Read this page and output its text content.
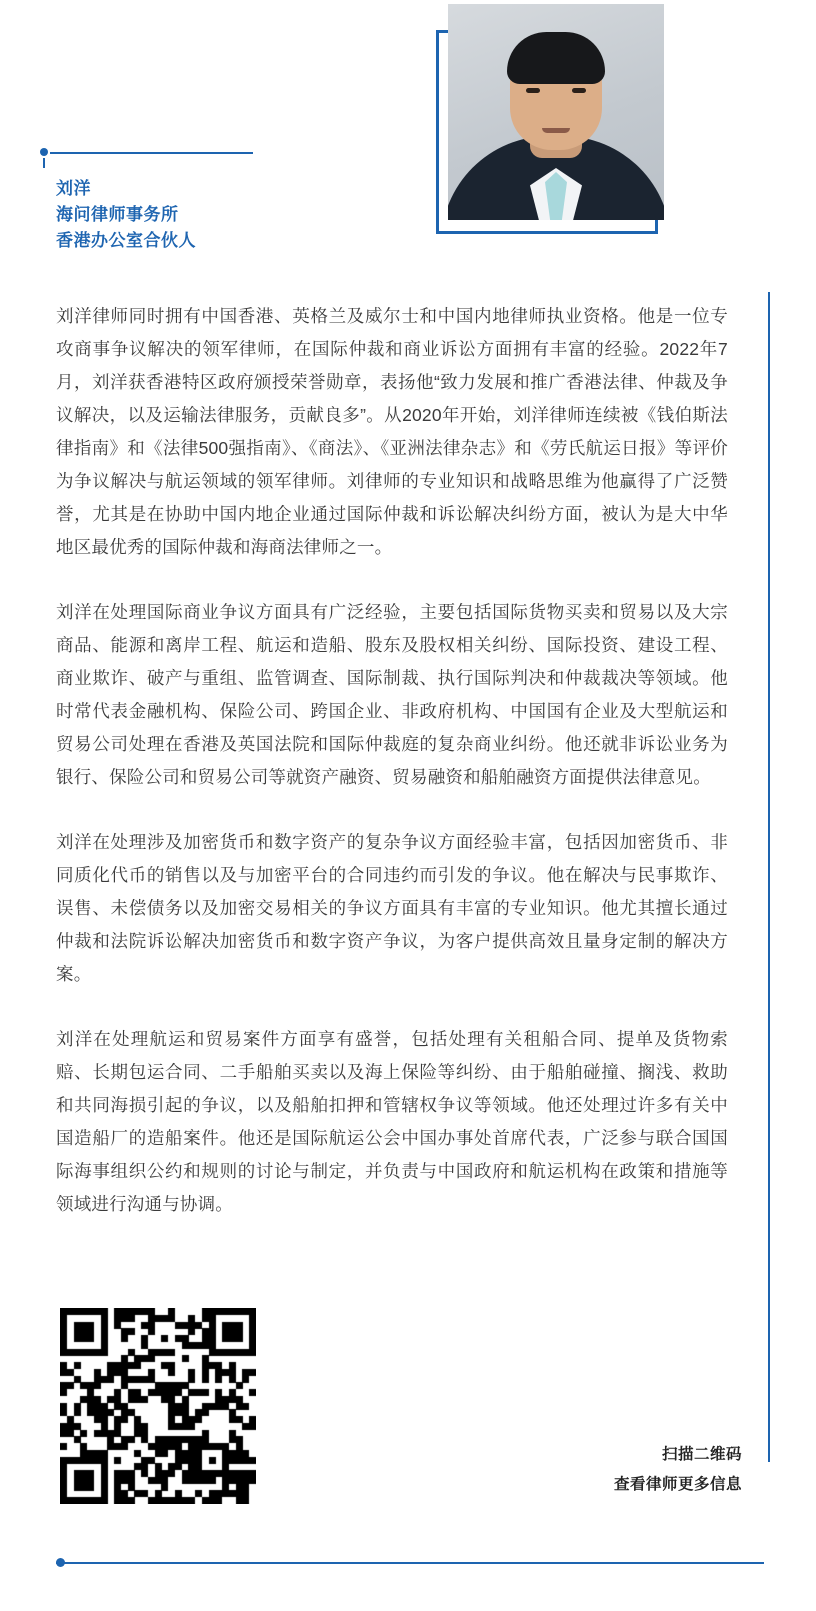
刘洋
海问律师事务所
香港办公室合伙人

刘洋律师同时拥有中国香港、英格兰及威尔士和中国内地律师执业资格。他是一位专攻商事争议解决的领军律师，在国际仲裁和商业诉讼方面拥有丰富的经验。2022年7月，刘洋获香港特区政府颁授荣誉勋章，表扬他“致力发展和推广香港法律、仲裁及争议解决，以及运输法律服务，贡献良多”。从2020年开始，刘洋律师连续被《钱伯斯法律指南》和《法律500强指南》、《商法》、《亚洲法律杂志》和《劳氏航运日报》等评价为争议解决与航运领域的领军律师。刘律师的专业知识和战略思维为他赢得了广泛赞誉，尤其是在协助中国内地企业通过国际仲裁和诉讼解决纠纷方面，被认为是大中华地区最优秀的国际仲裁和海商法律师之一。

刘洋在处理国际商业争议方面具有广泛经验，主要包括国际货物买卖和贸易以及大宗商品、能源和离岸工程、航运和造船、股东及股权相关纠纷、国际投资、建设工程、商业欺诈、破产与重组、监管调查、国际制裁、执行国际判决和仲裁裁决等领域。他时常代表金融机构、保险公司、跨国企业、非政府机构、中国国有企业及大型航运和贸易公司处理在香港及英国法院和国际仲裁庭的复杂商业纠纷。他还就非诉讼业务为银行、保险公司和贸易公司等就资产融资、贸易融资和船舶融资方面提供法律意见。

刘洋在处理涉及加密货币和数字资产的复杂争议方面经验丰富，包括因加密货币、非同质化代币的销售以及与加密平台的合同违约而引发的争议。他在解决与民事欺诈、误售、未偿债务以及加密交易相关的争议方面具有丰富的专业知识。他尤其擅长通过仲裁和法院诉讼解决加密货币和数字资产争议，为客户提供高效且量身定制的解决方案。

刘洋在处理航运和贸易案件方面享有盛誉，包括处理有关租船合同、提单及货物索赔、长期包运合同、二手船舶买卖以及海上保险等纠纷、由于船舶碰撞、搁浅、救助和共同海损引起的争议，以及船舶扣押和管辖权争议等领域。他还处理过许多有关中国造船厂的造船案件。他还是国际航运公会中国办事处首席代表，广泛参与联合国国际海事组织公约和规则的讨论与制定，并负责与中国政府和航运机构在政策和措施等领域进行沟通与协调。

扫描二维码
查看律师更多信息
